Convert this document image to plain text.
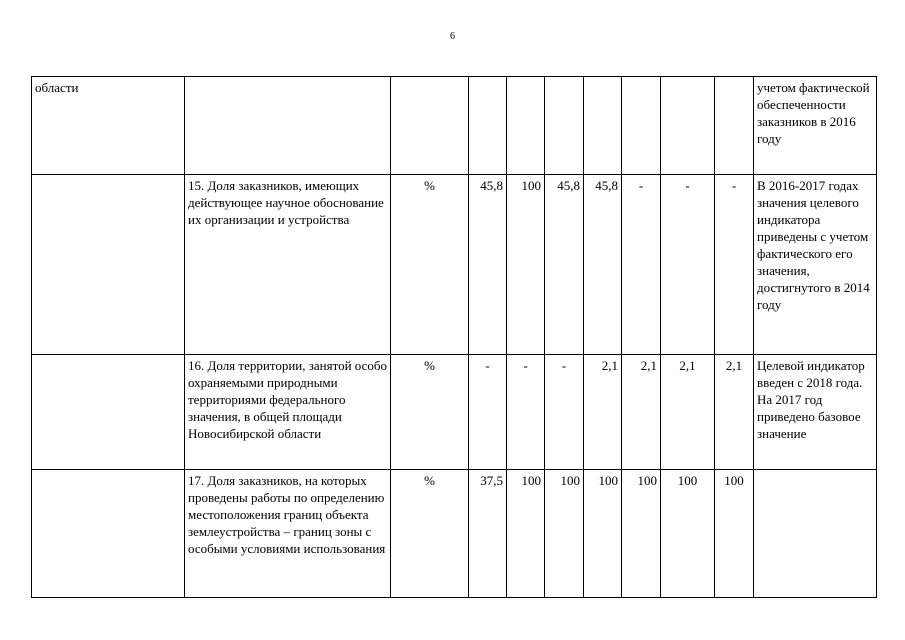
6
области										учетом фактической обеспеченности заказников в 2016 году
	15. Доля заказников, имеющих действующее научное обоснование их организации и устройства	%	45,8	100	45,8	45,8	-	-	-	В 2016-2017 годах значения целевого индикатора приведены с учетом фактического его значения, достигнутого в 2014 году
	16. Доля территории, занятой особо охраняемыми природными территориями федерального значения, в общей площади Новосибирской области	%	-	-	-	2,1	2,1	2,1	2,1	Целевой индикатор введен с 2018 года. На 2017 год приведено базовое значение
	17. Доля заказников, на которых проведены работы по определению местоположения границ объекта землеустройства – границ зоны с особыми условиями использования	%	37,5	100	100	100	100	100	100	
